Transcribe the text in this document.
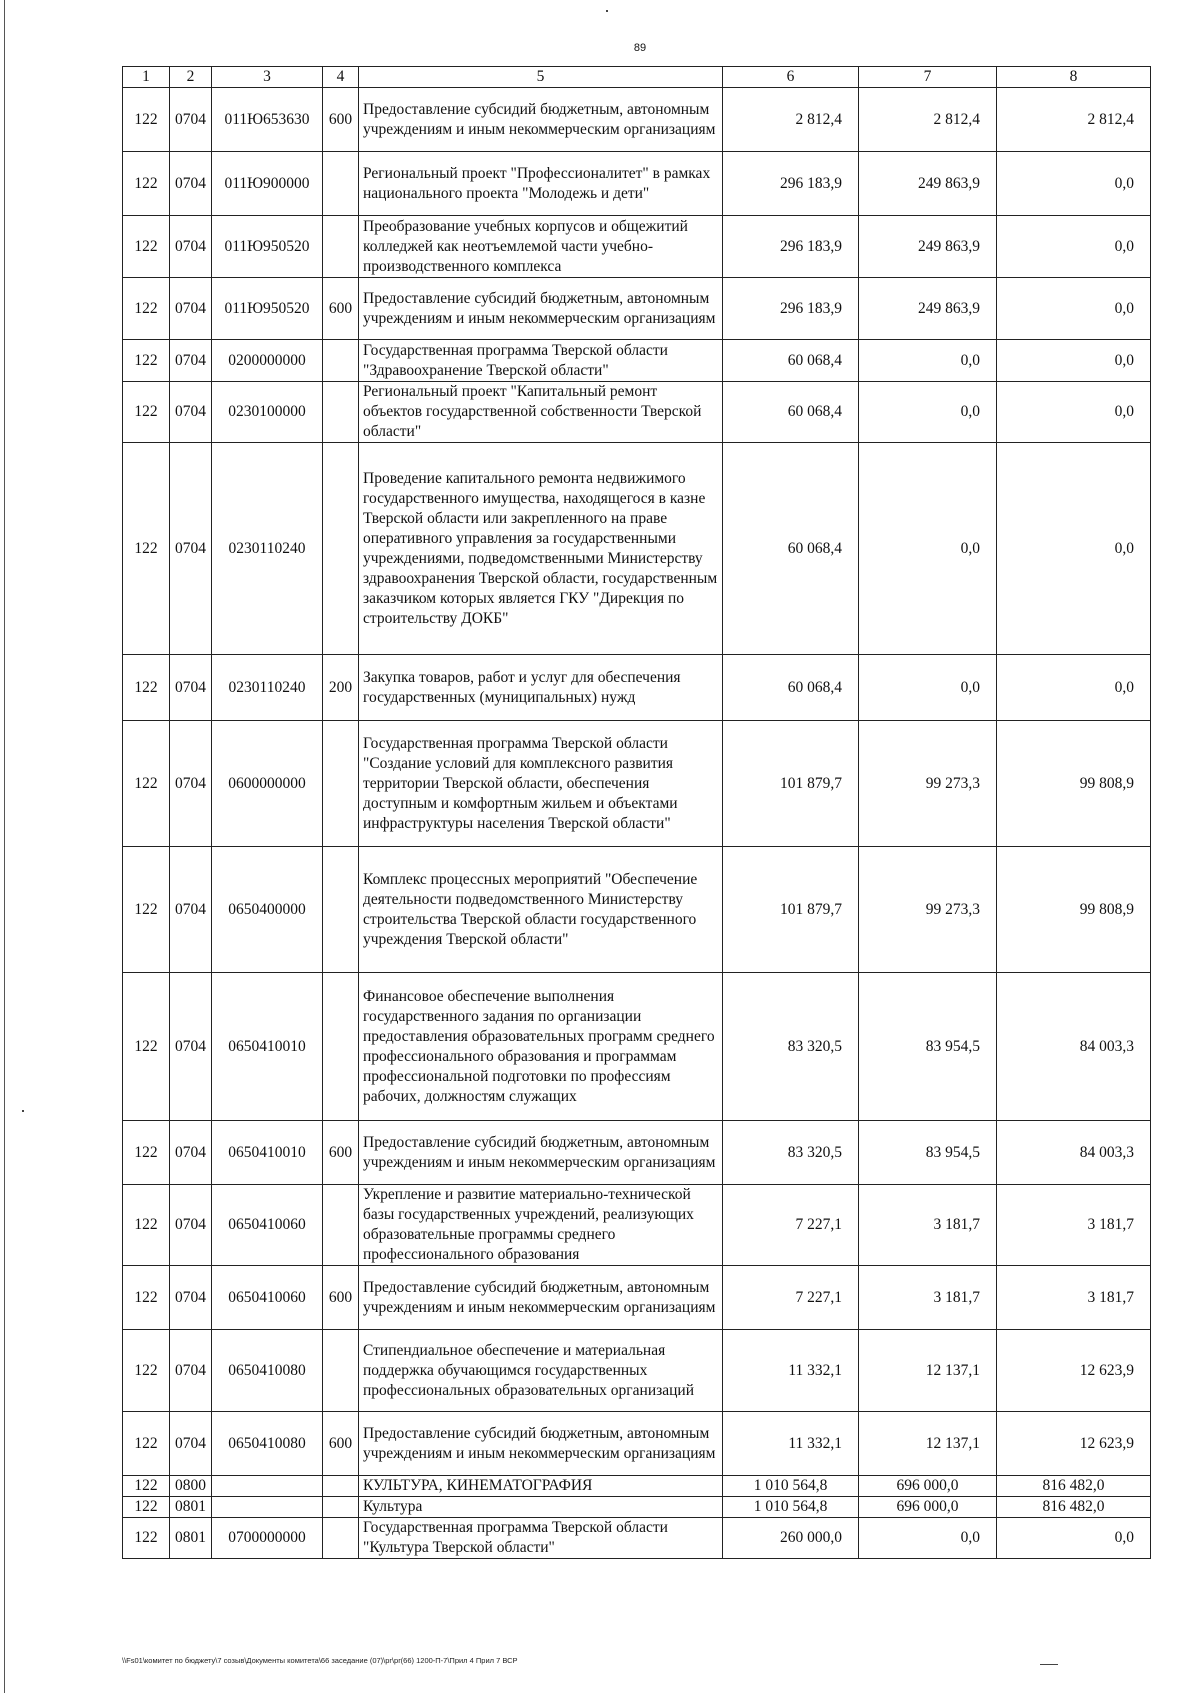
89
1	2	3	4	5	6	7	8
122	0704	011Ю653630	600	Предоставление субсидий бюджетным, автономным учреждениям и иным некоммерческим организациям	2 812,4	2 812,4	2 812,4
122	0704	011Ю900000		Региональный проект "Профессионалитет" в рамках национального проекта "Молодежь и дети"	296 183,9	249 863,9	0,0
122	0704	011Ю950520		Преобразование учебных корпусов и общежитий колледжей как неотъемлемой части учебно-производственного комплекса	296 183,9	249 863,9	0,0
122	0704	011Ю950520	600	Предоставление субсидий бюджетным, автономным учреждениям и иным некоммерческим организациям	296 183,9	249 863,9	0,0
122	0704	0200000000		Государственная программа Тверской области "Здравоохранение Тверской области"	60 068,4	0,0	0,0
122	0704	0230100000		Региональный проект "Капитальный ремонт объектов государственной собственности Тверской области"	60 068,4	0,0	0,0
122	0704	0230110240		Проведение капитального ремонта недвижимого государственного имущества, находящегося в казне Тверской области или закрепленного на праве оперативного управления за государственными учреждениями, подведомственными Министерству здравоохранения Тверской области, государственным заказчиком которых является ГКУ "Дирекция по строительству ДОКБ"	60 068,4	0,0	0,0
122	0704	0230110240	200	Закупка товаров, работ и услуг для обеспечения государственных (муниципальных) нужд	60 068,4	0,0	0,0
122	0704	0600000000		Государственная программа Тверской области "Создание условий для комплексного развития территории Тверской области, обеспечения доступным и комфортным жильем и объектами инфраструктуры населения Тверской области"	101 879,7	99 273,3	99 808,9
122	0704	0650400000		Комплекс процессных мероприятий "Обеспечение деятельности подведомственного Министерству строительства Тверской области государственного учреждения Тверской области"	101 879,7	99 273,3	99 808,9
122	0704	0650410010		Финансовое обеспечение выполнения государственного задания по организации предоставления образовательных программ среднего профессионального образования и программам профессиональной подготовки по профессиям рабочих, должностям служащих	83 320,5	83 954,5	84 003,3
122	0704	0650410010	600	Предоставление субсидий бюджетным, автономным учреждениям и иным некоммерческим организациям	83 320,5	83 954,5	84 003,3
122	0704	0650410060		Укрепление и развитие материально-технической базы государственных учреждений, реализующих образовательные программы среднего профессионального образования	7 227,1	3 181,7	3 181,7
122	0704	0650410060	600	Предоставление субсидий бюджетным, автономным учреждениям и иным некоммерческим организациям	7 227,1	3 181,7	3 181,7
122	0704	0650410080		Стипендиальное обеспечение и материальная поддержка обучающимся государственных профессиональных образовательных организаций	11 332,1	12 137,1	12 623,9
122	0704	0650410080	600	Предоставление субсидий бюджетным, автономным учреждениям и иным некоммерческим организациям	11 332,1	12 137,1	12 623,9
122	0800			КУЛЬТУРА, КИНЕМАТОГРАФИЯ	1 010 564,8	696 000,0	816 482,0
122	0801			Культура	1 010 564,8	696 000,0	816 482,0
122	0801	0700000000		Государственная программа Тверской области "Культура Тверской области"	260 000,0	0,0	0,0
\\Fs01\комитет по бюджету\7 созыв\Документы комитета\66 заседание (07)\pr\pr(66) 1200-П-7\Прил 4 Прил 7 ВСР
